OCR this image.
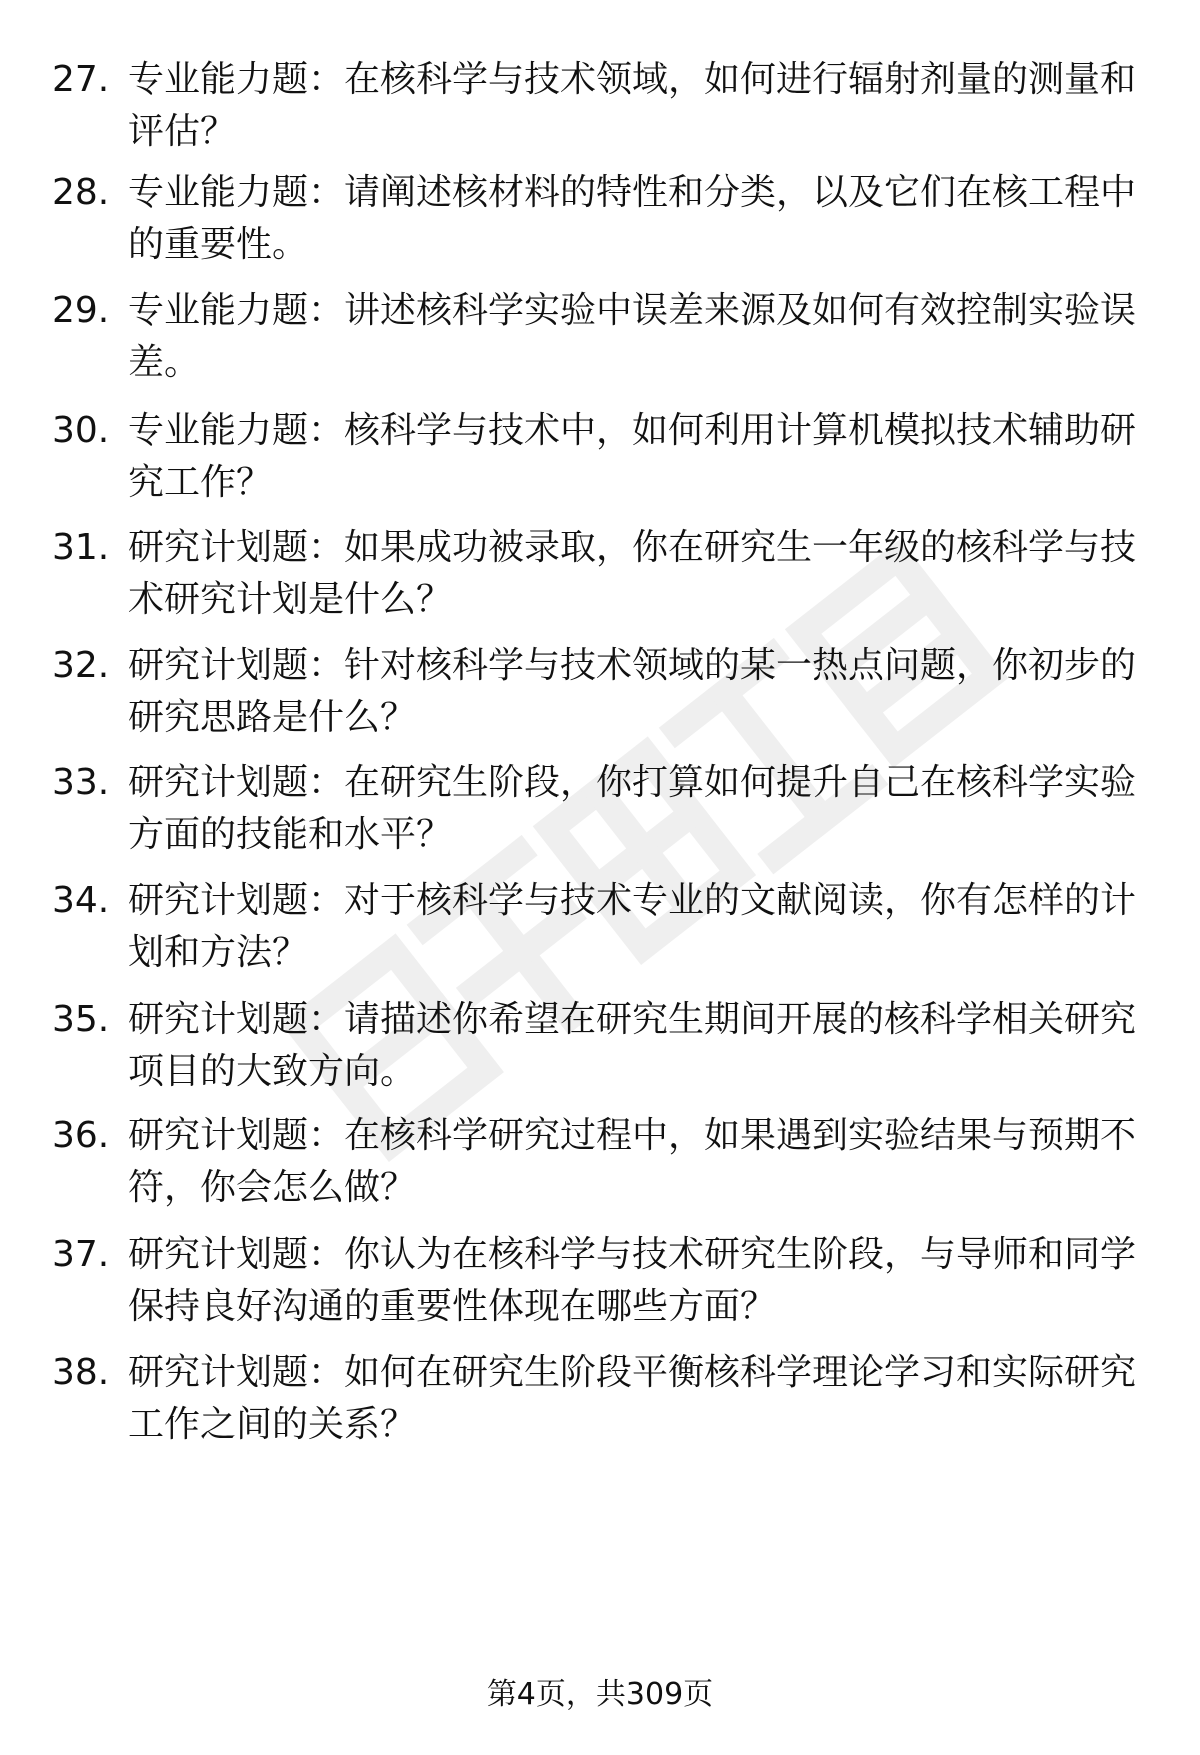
27. 专业能力题：在核科学与技术领域，如何进行辐射剂量的测量和
评估？
28. 专业能力题：请阐述核材料的特性和分类，以及它们在核工程中
的重要性。
29. 专业能力题：讲述核科学实验中误差来源及如何有效控制实验误
差。
30. 专业能力题：核科学与技术中，如何利用计算机模拟技术辅助研
究工作？
31. 研究计划题：如果成功被录取，你在研究生一年级的核科学与技
术研究计划是什么？
32. 研究计划题：针对核科学与技术领域的某一热点问题，你初步的
研究思路是什么？
33. 研究计划题：在研究生阶段，你打算如何提升自己在核科学实验
方面的技能和水平？
34. 研究计划题：对于核科学与技术专业的文献阅读，你有怎样的计
划和方法？
35. 研究计划题：请描述你希望在研究生期间开展的核科学相关研究
项目的大致方向。
36. 研究计划题：在核科学研究过程中，如果遇到实验结果与预期不
符，你会怎么做？
37. 研究计划题：你认为在核科学与技术研究生阶段，与导师和同学
保持良好沟通的重要性体现在哪些方面？
38. 研究计划题：如何在研究生阶段平衡核科学理论学习和实际研究
工作之间的关系？
第4页，共309页
